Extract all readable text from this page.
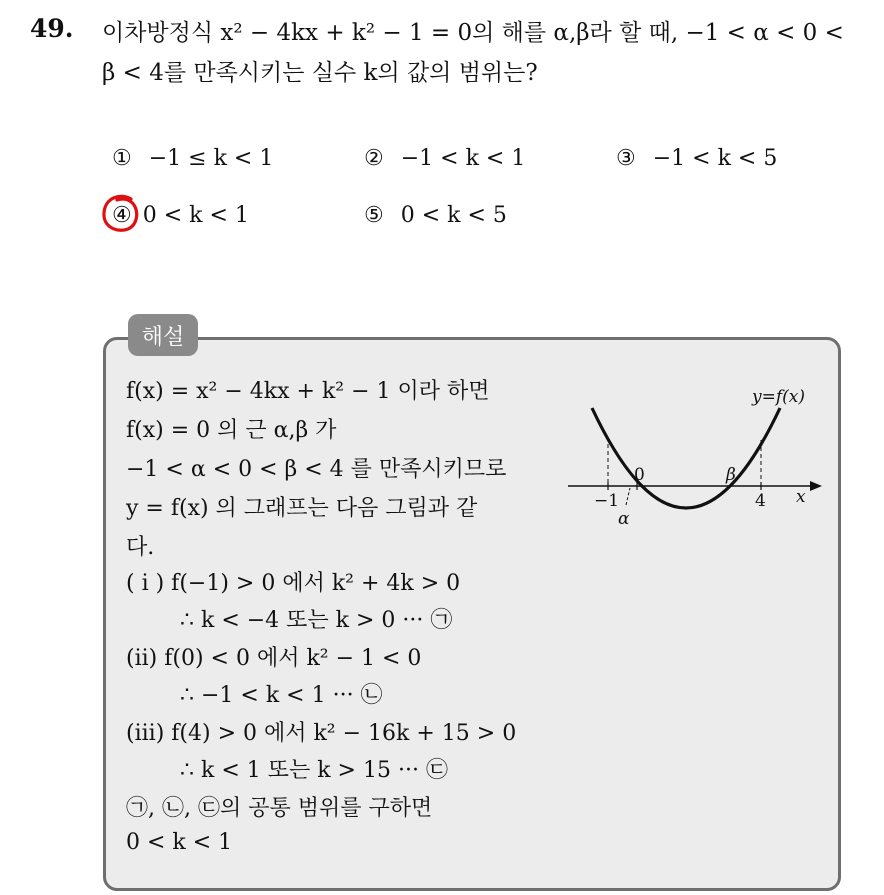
49. 이차방정식 x² − 4kx + k² − 1 = 0의 해를 α,β라 할 때, −1 < α < 0 <
β < 4를 만족시키는 실수 k의 값의 범위는?
① −1 ≤ k < 1	② −1 < k < 1	③ −1 < k < 5
④ 0 < k < 1	⑤ 0 < k < 5
해설
f(x) = x² − 4kx + k² − 1 이라 하면
f(x) = 0 의 근 α,β 가
−1 < α < 0 < β < 4 를 만족시키므로
y = f(x) 의 그래프는 다음 그림과 같
다.
( i ) f(−1) > 0 에서 k² + 4k > 0
∴ k < −4 또는 k > 0 ··· ㉠
(ii) f(0) < 0 에서 k² − 1 < 0
∴ −1 < k < 1 ··· ㉡
(iii) f(4) > 0 에서 k² − 16k + 15 > 0
∴ k < 1 또는 k > 15 ··· ㉢
㉠, ㉡, ㉢의 공통 범위를 구하면
0 < k < 1
y=f(x)
x
0
−1	4
α
β
